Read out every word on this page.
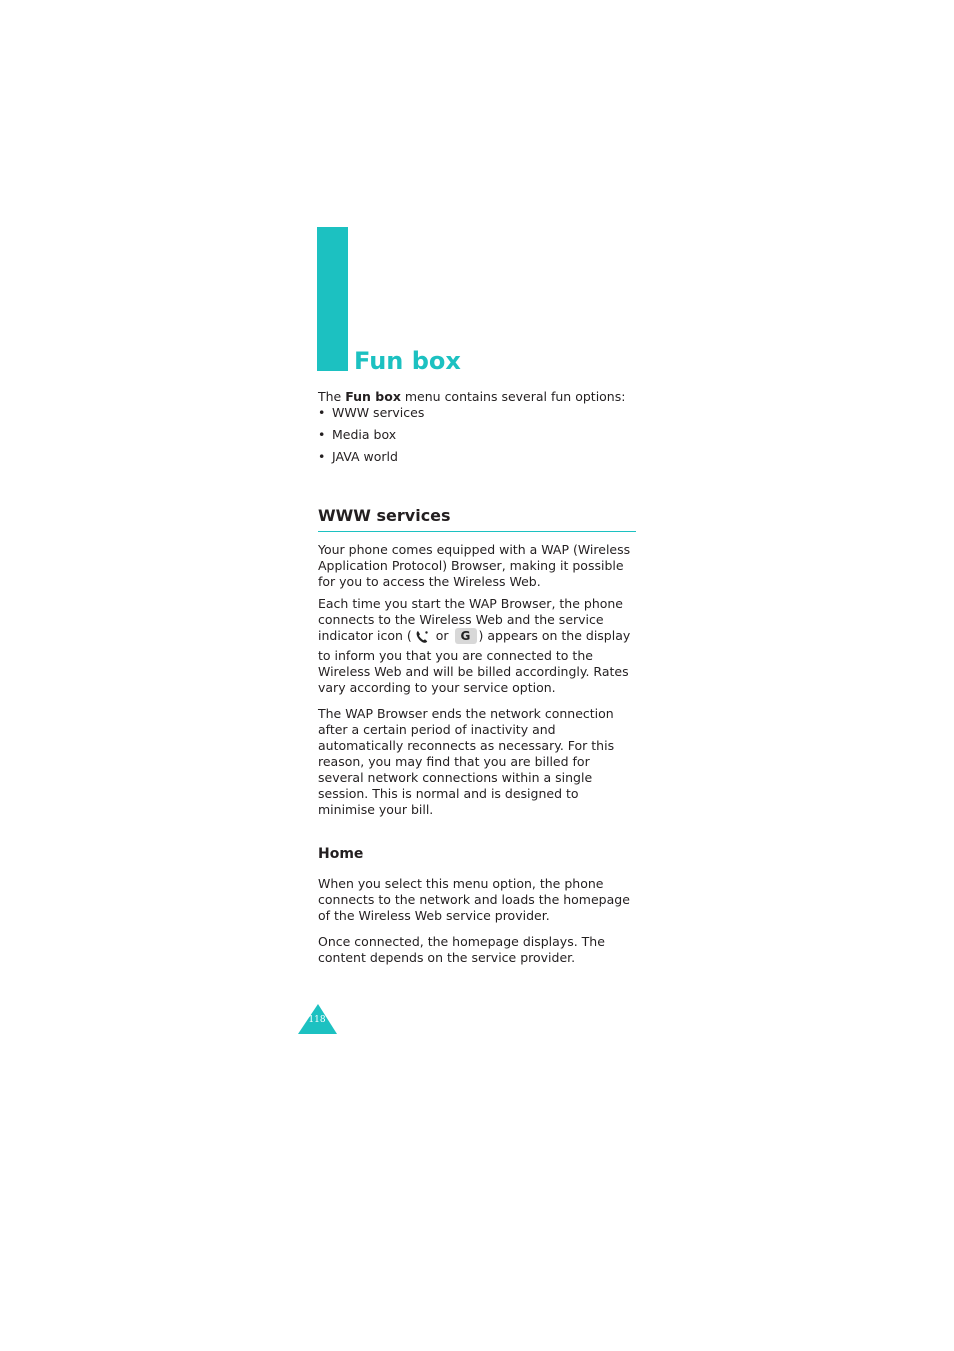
Fun box

The Fun box menu contains several fun options:

• WWW services
• Media box
• JAVA world
WWW services

Your phone comes equipped with a WAP (Wireless Application Protocol) Browser, making it possible for you to access the Wireless Web.

Each time you start the WAP Browser, the phone connects to the Wireless Web and the service indicator icon ( or G ) appears on the display to inform you that you are connected to the Wireless Web and will be billed accordingly. Rates vary according to your service option.

The WAP Browser ends the network connection after a certain period of inactivity and automatically reconnects as necessary. For this reason, you may find that you are billed for several network connections within a single session. This is normal and is designed to minimise your bill.

Home

When you select this menu option, the phone connects to the network and loads the homepage of the Wireless Web service provider.

Once connected, the homepage displays. The content depends on the service provider.

118
